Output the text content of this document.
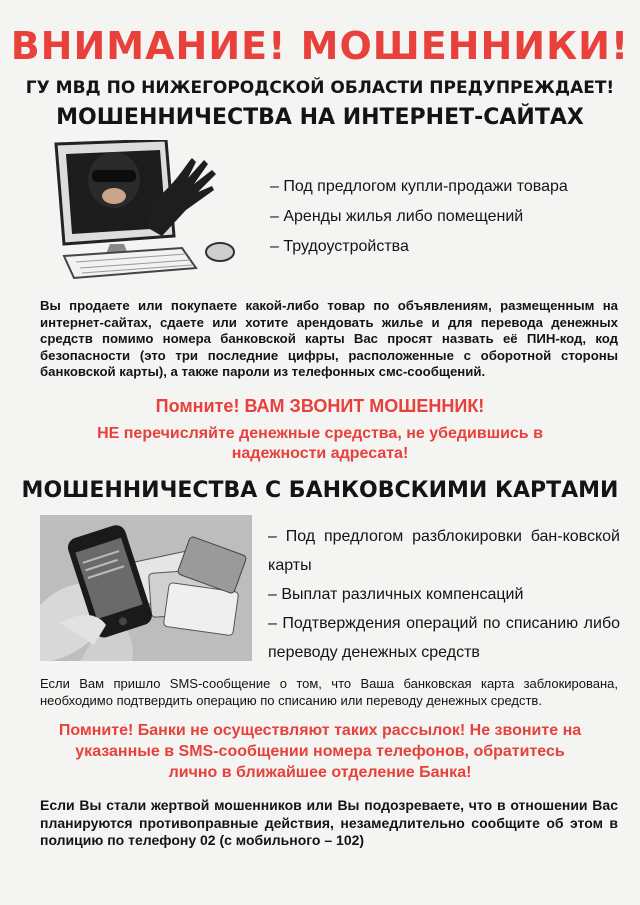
ВНИМАНИЕ! МОШЕННИКИ!
ГУ МВД ПО НИЖЕГОРОДСКОЙ ОБЛАСТИ ПРЕДУПРЕЖДАЕТ!
МОШЕННИЧЕСТВА НА ИНТЕРНЕТ-САЙТАХ
– Под предлогом купли-продажи товара
– Аренды жилья либо помещений
– Трудоустройства

Вы продаете или покупаете какой-либо товар по объявлениям, размещенным на интернет-сайтах, сдаете или хотите арендовать жилье и для перевода денежных средств помимо номера банковской карты Вас просят назвать её ПИН-код, код безопасности (это три последние цифры, расположенные с оборотной стороны банковской карты), а также пароли из телефонных смс-сообщений.

Помните! ВАМ ЗВОНИТ МОШЕННИК!
НЕ перечисляйте денежные средства, не убедившись в надежности адресата!
МОШЕННИЧЕСТВА С БАНКОВСКИМИ КАРТАМИ
– Под предлогом разблокировки бан-ковской карты
– Выплат различных компенсаций
– Подтверждения операций по списанию либо переводу денежных средств

Если Вам пришло SMS-сообщение о том, что Ваша банковская карта заблокирована, необходимо подтвердить операцию по списанию или переводу денежных средств.

Помните! Банки не осуществляют таких рассылок! Не звоните на указанные в SMS-сообщении номера телефонов, обратитесь лично в ближайшее отделение Банка!

Если Вы стали жертвой мошенников или Вы подозреваете, что в отношении Вас планируются противоправные действия, незамедлительно сообщите об этом в полицию по телефону 02 (с мобильного – 102)
